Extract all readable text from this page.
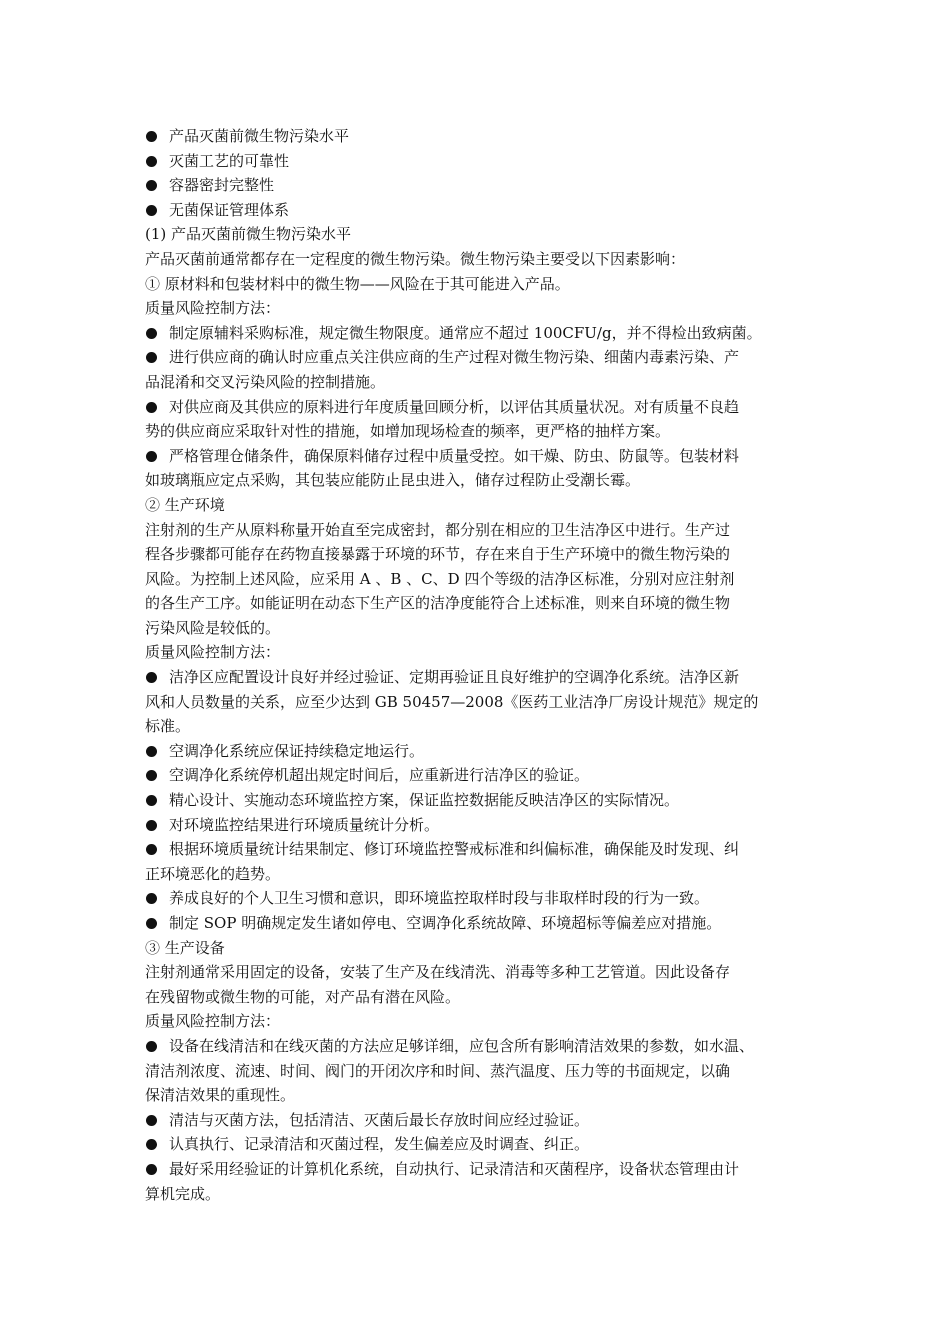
产品灭菌前微生物污染水平
灭菌工艺的可靠性
容器密封完整性
无菌保证管理体系
(1) 产品灭菌前微生物污染水平
产品灭菌前通常都存在一定程度的微生物污染。微生物污染主要受以下因素影响：
① 原材料和包装材料中的微生物——风险在于其可能进入产品。
质量风险控制方法：
制定原辅料采购标准，规定微生物限度。通常应不超过 100CFU/g，并不得检出致病菌。
进行供应商的确认时应重点关注供应商的生产过程对微生物污染、细菌内毒素污染、产
品混淆和交叉污染风险的控制措施。
对供应商及其供应的原料进行年度质量回顾分析，以评估其质量状况。对有质量不良趋
势的供应商应采取针对性的措施，如增加现场检查的频率，更严格的抽样方案。
严格管理仓储条件，确保原料储存过程中质量受控。如干燥、防虫、防鼠等。包装材料
如玻璃瓶应定点采购，其包装应能防止昆虫进入，储存过程防止受潮长霉。
② 生产环境
注射剂的生产从原料称量开始直至完成密封，都分别在相应的卫生洁净区中进行。生产过
程各步骤都可能存在药物直接暴露于环境的环节，存在来自于生产环境中的微生物污染的
风险。为控制上述风险，应采用 A 、B 、C、D 四个等级的洁净区标准，分别对应注射剂
的各生产工序。如能证明在动态下生产区的洁净度能符合上述标准，则来自环境的微生物
污染风险是较低的。
质量风险控制方法：
洁净区应配置设计良好并经过验证、定期再验证且良好维护的空调净化系统。洁净区新
风和人员数量的关系，应至少达到 GB 50457—2008《医药工业洁净厂房设计规范》规定的
标准。
空调净化系统应保证持续稳定地运行。
空调净化系统停机超出规定时间后，应重新进行洁净区的验证。
精心设计、实施动态环境监控方案，保证监控数据能反映洁净区的实际情况。
对环境监控结果进行环境质量统计分析。
根据环境质量统计结果制定、修订环境监控警戒标准和纠偏标准，确保能及时发现、纠
正环境恶化的趋势。
养成良好的个人卫生习惯和意识，即环境监控取样时段与非取样时段的行为一致。
制定 SOP 明确规定发生诸如停电、空调净化系统故障、环境超标等偏差应对措施。
③ 生产设备
注射剂通常采用固定的设备，安装了生产及在线清洗、消毒等多种工艺管道。因此设备存
在残留物或微生物的可能，对产品有潜在风险。
质量风险控制方法：
设备在线清洁和在线灭菌的方法应足够详细，应包含所有影响清洁效果的参数，如水温、
清洁剂浓度、流速、时间、阀门的开闭次序和时间、蒸汽温度、压力等的书面规定，以确
保清洁效果的重现性。
清洁与灭菌方法，包括清洁、灭菌后最长存放时间应经过验证。
认真执行、记录清洁和灭菌过程，发生偏差应及时调查、纠正。
最好采用经验证的计算机化系统，自动执行、记录清洁和灭菌程序，设备状态管理由计
算机完成。
